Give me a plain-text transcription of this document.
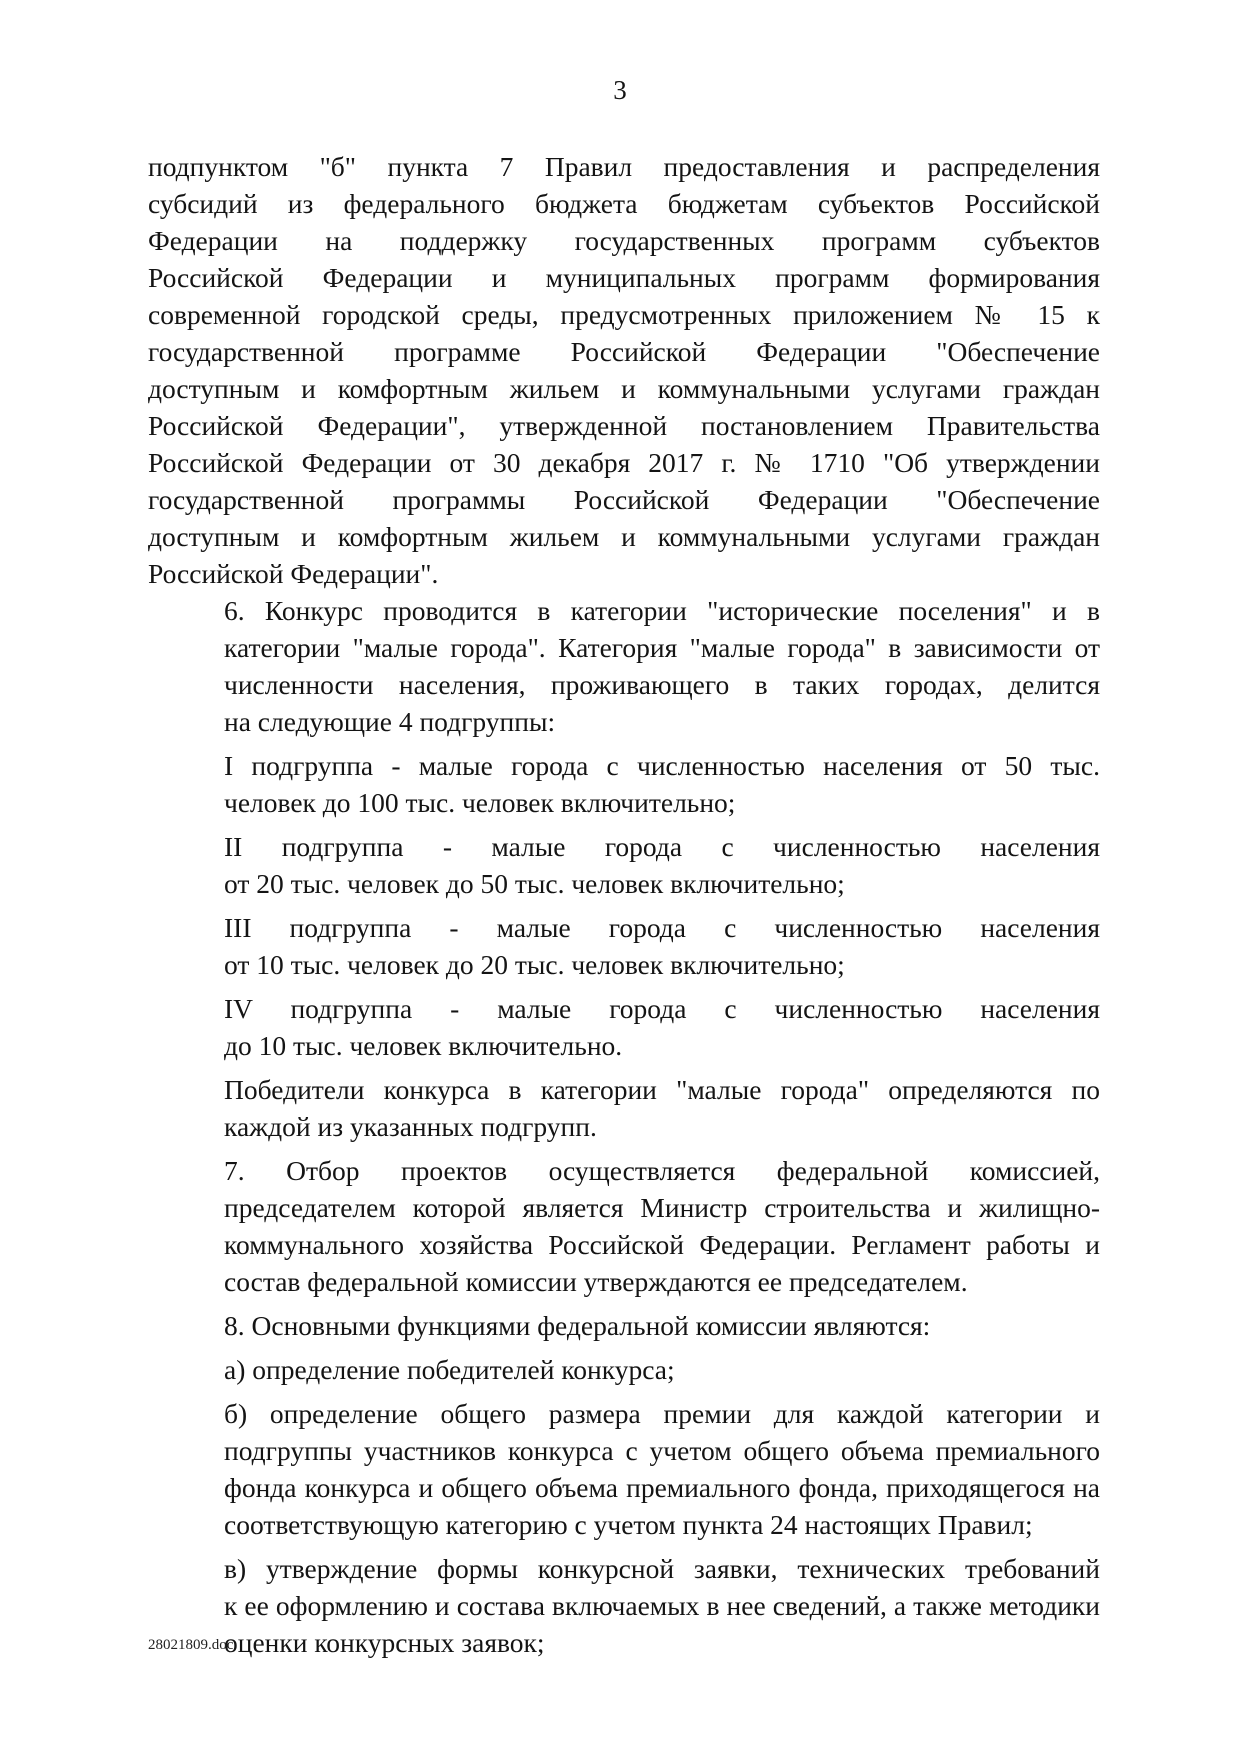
3
подпунктом "б" пункта 7 Правил предоставления и распределения
субсидий из федерального бюджета бюджетам субъектов Российской
Федерации на поддержку государственных программ субъектов
Российской Федерации и муниципальных программ формирования
современной городской среды, предусмотренных приложением № 15 к
государственной программе Российской Федерации "Обеспечение
доступным и комфортным жильем и коммунальными услугами граждан
Российской Федерации", утвержденной постановлением Правительства
Российской Федерации от 30 декабря 2017 г. № 1710 "Об утверждении
государственной программы Российской Федерации "Обеспечение
доступным и комфортным жильем и коммунальными услугами граждан
Российской Федерации".
6. Конкурс проводится в категории "исторические поселения" и в
категории "малые города". Категория "малые города" в зависимости от
численности населения, проживающего в таких городах, делится
на следующие 4 подгруппы:
I подгруппа - малые города с численностью населения от 50 тыс.
человек до 100 тыс. человек включительно;
II подгруппа - малые города с численностью населения
от 20 тыс. человек до 50 тыс. человек включительно;
III подгруппа - малые города с численностью населения
от 10 тыс. человек до 20 тыс. человек включительно;
IV подгруппа - малые города с численностью населения
до 10 тыс. человек включительно.
Победители конкурса в категории "малые города" определяются по
каждой из указанных подгрупп.
7. Отбор проектов осуществляется федеральной комиссией,
председателем которой является Министр строительства и жилищно-
коммунального хозяйства Российской Федерации. Регламент работы и
состав федеральной комиссии утверждаются ее председателем.
8. Основными функциями федеральной комиссии являются:
а) определение победителей конкурса;
б) определение общего размера премии для каждой категории и
подгруппы участников конкурса с учетом общего объема премиального
фонда конкурса и общего объема премиального фонда, приходящегося на
соответствующую категорию с учетом пункта 24 настоящих Правил;
в) утверждение формы конкурсной заявки, технических требований
к ее оформлению и состава включаемых в нее сведений, а также методики
оценки конкурсных заявок;
28021809.doc
